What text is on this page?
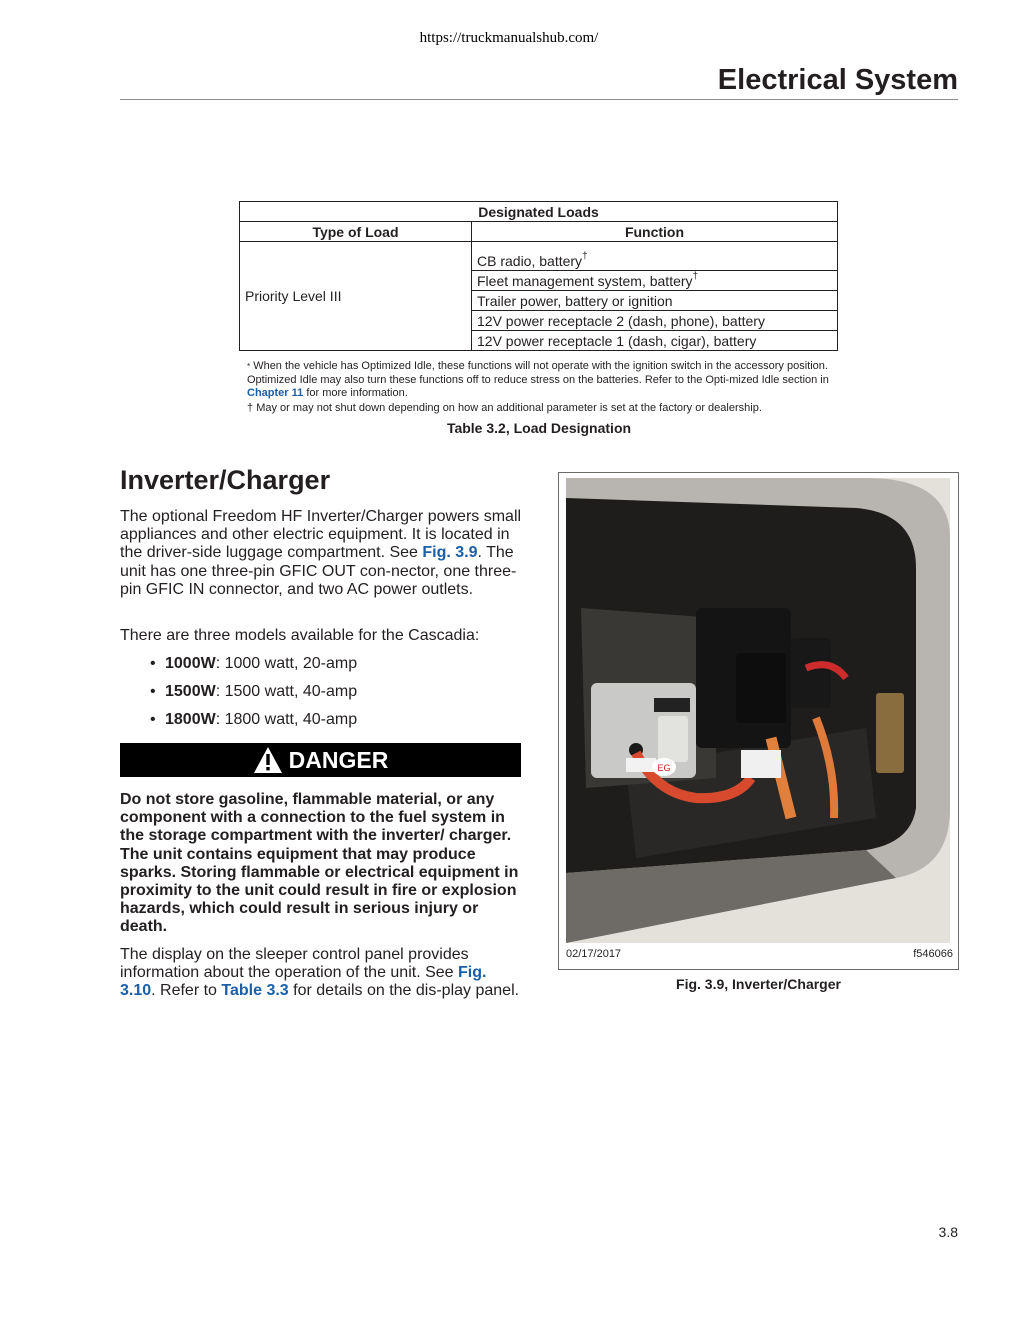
https://truckmanualshub.com/
Electrical System
Designated Loads	
Type of Load	Function
Priority Level III	CB radio, battery†
	Fleet management system, battery†
	Trailer power, battery or ignition
	12V power receptacle 2 (dash, phone), battery
	12V power receptacle 1 (dash, cigar), battery
* When the vehicle has Optimized Idle, these functions will not operate with the ignition switch in the accessory position. Optimized Idle may also turn these functions off to reduce stress on the batteries. Refer to the Opti-mized Idle section in Chapter 11 for more information.
† May or may not shut down depending on how an additional parameter is set at the factory or dealership.
Table 3.2, Load Designation
Inverter/Charger

The optional Freedom HF Inverter/Charger powers small appliances and other electric equipment. It is located in the driver-side luggage compartment. See Fig. 3.9. The unit has one three-pin GFIC OUT con-nector, one three-pin GFIC IN connector, and two AC power outlets.

There are three models available for the Cascadia:

• 1000W: 1000 watt, 20-amp
• 1500W: 1500 watt, 40-amp
• 1800W: 1800 watt, 40-amp
DANGER

Do not store gasoline, flammable material, or any component with a connection to the fuel system in the storage compartment with the inverter/ charger. The unit contains equipment that may produce sparks. Storing flammable or electrical equipment in proximity to the unit could result in fire or explosion hazards, which could result in serious injury or death.

The display on the sleeper control panel provides information about the operation of the unit. See Fig. 3.10. Refer to Table 3.3 for details on the dis-play panel.

EG
02/17/2017	f546066
Fig. 3.9, Inverter/Charger
3.8
